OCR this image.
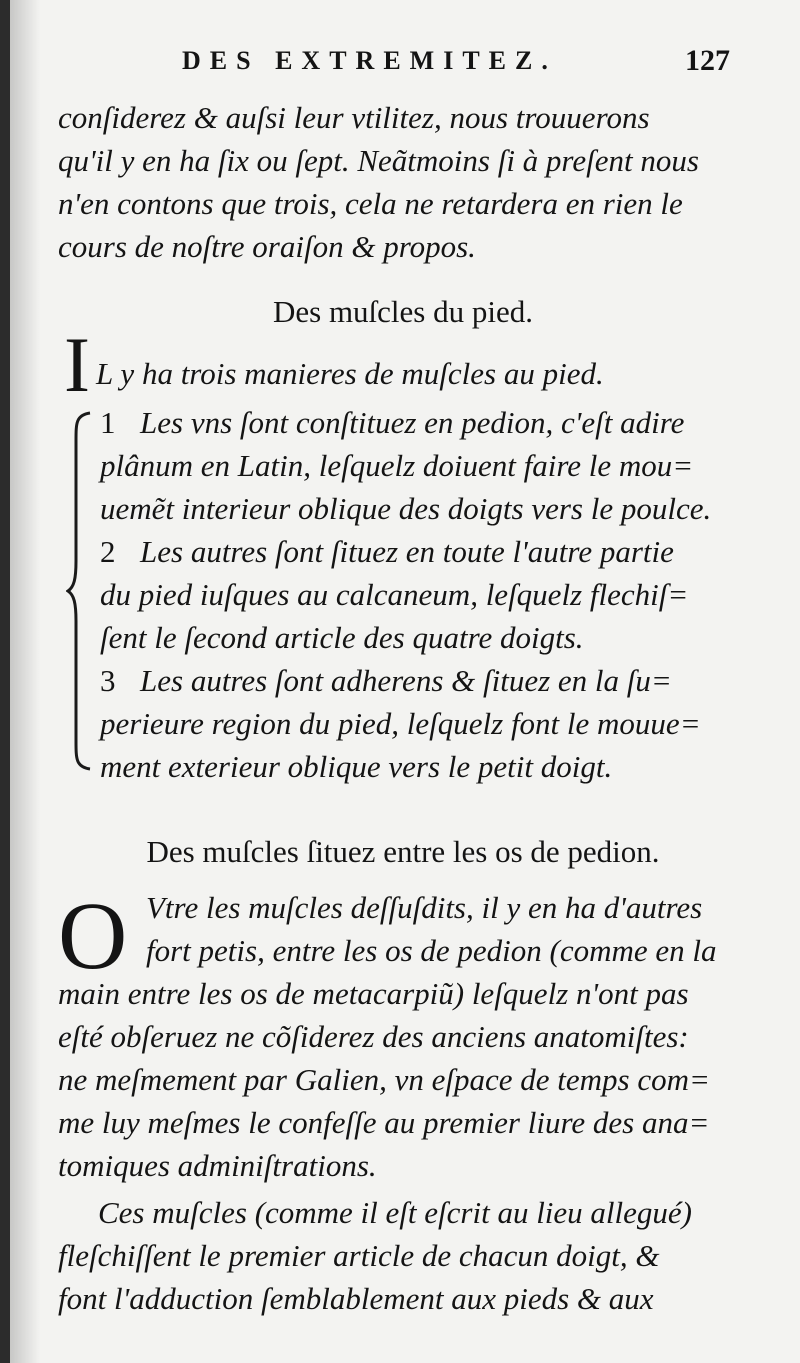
DES EXTREMITEZ.	127
conſiderez & auſsi leur vtilitez, nous trouuerons
qu'il y en ha ſix ou ſept. Neãtmoins ſi à preſent nous
n'en contons que trois, cela ne retardera en rien le
cours de noſtre oraiſon & propos.
Des muſcles du pied.
I L y ha trois manieres de muſcles au pied.
1 Les vns ſont conſtituez en pedion, c'eſt adire
plânum en Latin, leſquelz doiuent faire le mou=
uemẽt interieur oblique des doigts vers le poulce.
2 Les autres ſont ſituez en toute l'autre partie
du pied iuſques au calcaneum, leſquelz flechiſ=
ſent le ſecond article des quatre doigts.
3 Les autres ſont adherens & ſituez en la ſu=
perieure region du pied, leſquelz font le mouue=
ment exterieur oblique vers le petit doigt.
Des muſcles ſituez entre les os de pedion.
O Vtre les muſcles deſſuſdits, il y en ha d'autres
fort petis, entre les os de pedion (comme en la
main entre les os de metacarpiũ) leſquelz n'ont pas
eſté obſeruez ne cõſiderez des anciens anatomiſtes:
ne meſmement par Galien, vn eſpace de temps com=
me luy meſmes le confeſſe au premier liure des ana=
tomiques adminiſtrations.
Ces muſcles (comme il eſt eſcrit au lieu allegué)
fleſchiſſent le premier article de chacun doigt, &
font l'adduction ſemblablement aux pieds & aux
